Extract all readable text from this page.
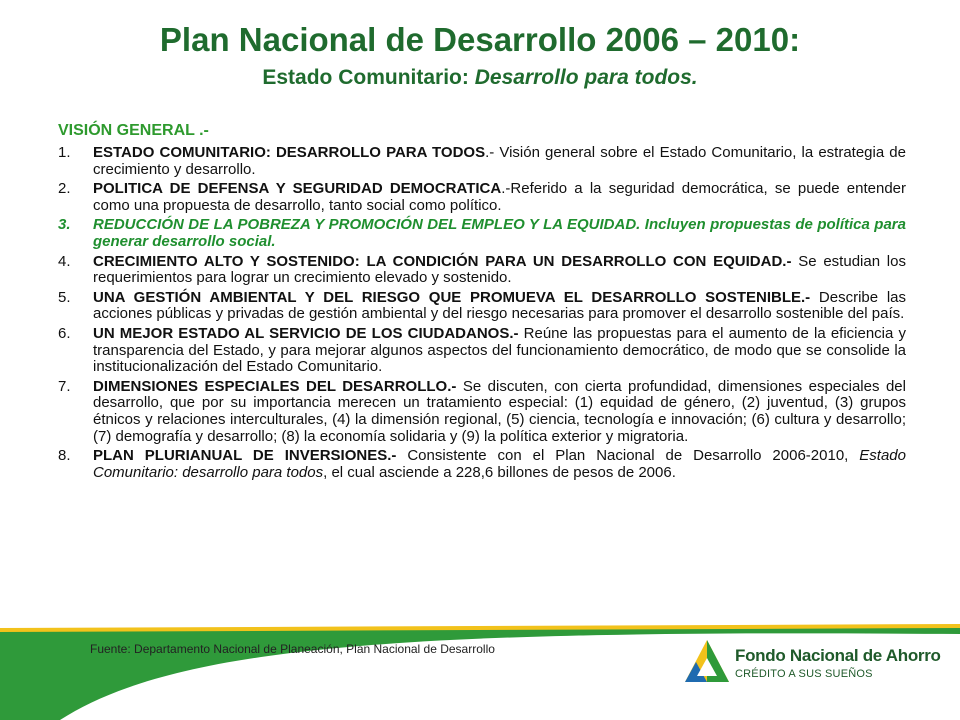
Plan Nacional de Desarrollo 2006 – 2010:
Estado Comunitario: Desarrollo para todos.
VISIÓN GENERAL .-
1. ESTADO COMUNITARIO: DESARROLLO PARA TODOS.- Visión general sobre el Estado Comunitario, la estrategia de crecimiento y desarrollo.
2. POLITICA DE DEFENSA Y SEGURIDAD DEMOCRATICA.-Referido a la seguridad democrática, se puede entender como una propuesta de desarrollo, tanto social como político.
3. REDUCCIÓN DE LA POBREZA Y PROMOCIÓN DEL EMPLEO Y LA EQUIDAD. Incluyen propuestas de política para generar desarrollo social.
4. CRECIMIENTO ALTO Y SOSTENIDO: LA CONDICIÓN PARA UN DESARROLLO CON EQUIDAD.- Se estudian los requerimientos para lograr un crecimiento elevado y sostenido.
5. UNA GESTIÓN AMBIENTAL Y DEL RIESGO QUE PROMUEVA EL DESARROLLO SOSTENIBLE.- Describe las acciones públicas y privadas de gestión ambiental y del riesgo necesarias para promover el desarrollo sostenible del país.
6. UN MEJOR ESTADO AL SERVICIO DE LOS CIUDADANOS.- Reúne las propuestas para el aumento de la eficiencia y transparencia del Estado, y para mejorar algunos aspectos del funcionamiento democrático, de modo que se consolide la institucionalización del Estado Comunitario.
7. DIMENSIONES ESPECIALES DEL DESARROLLO.- Se discuten, con cierta profundidad, dimensiones especiales del desarrollo, que por su importancia merecen un tratamiento especial: (1) equidad de género, (2) juventud, (3) grupos étnicos y relaciones interculturales, (4) la dimensión regional, (5) ciencia, tecnología e innovación; (6) cultura y desarrollo; (7) demografía y desarrollo; (8) la economía solidaria y (9) la política exterior y migratoria.
8. PLAN PLURIANUAL DE INVERSIONES.- Consistente con el Plan Nacional de Desarrollo 2006-2010, Estado Comunitario: desarrollo para todos, el cual asciende a 228,6 billones de pesos de 2006.
Fuente: Departamento Nacional de Planeación, Plan Nacional de Desarrollo	Fondo Nacional de Ahorro
CRÉDITO A SUS SUEÑOS
